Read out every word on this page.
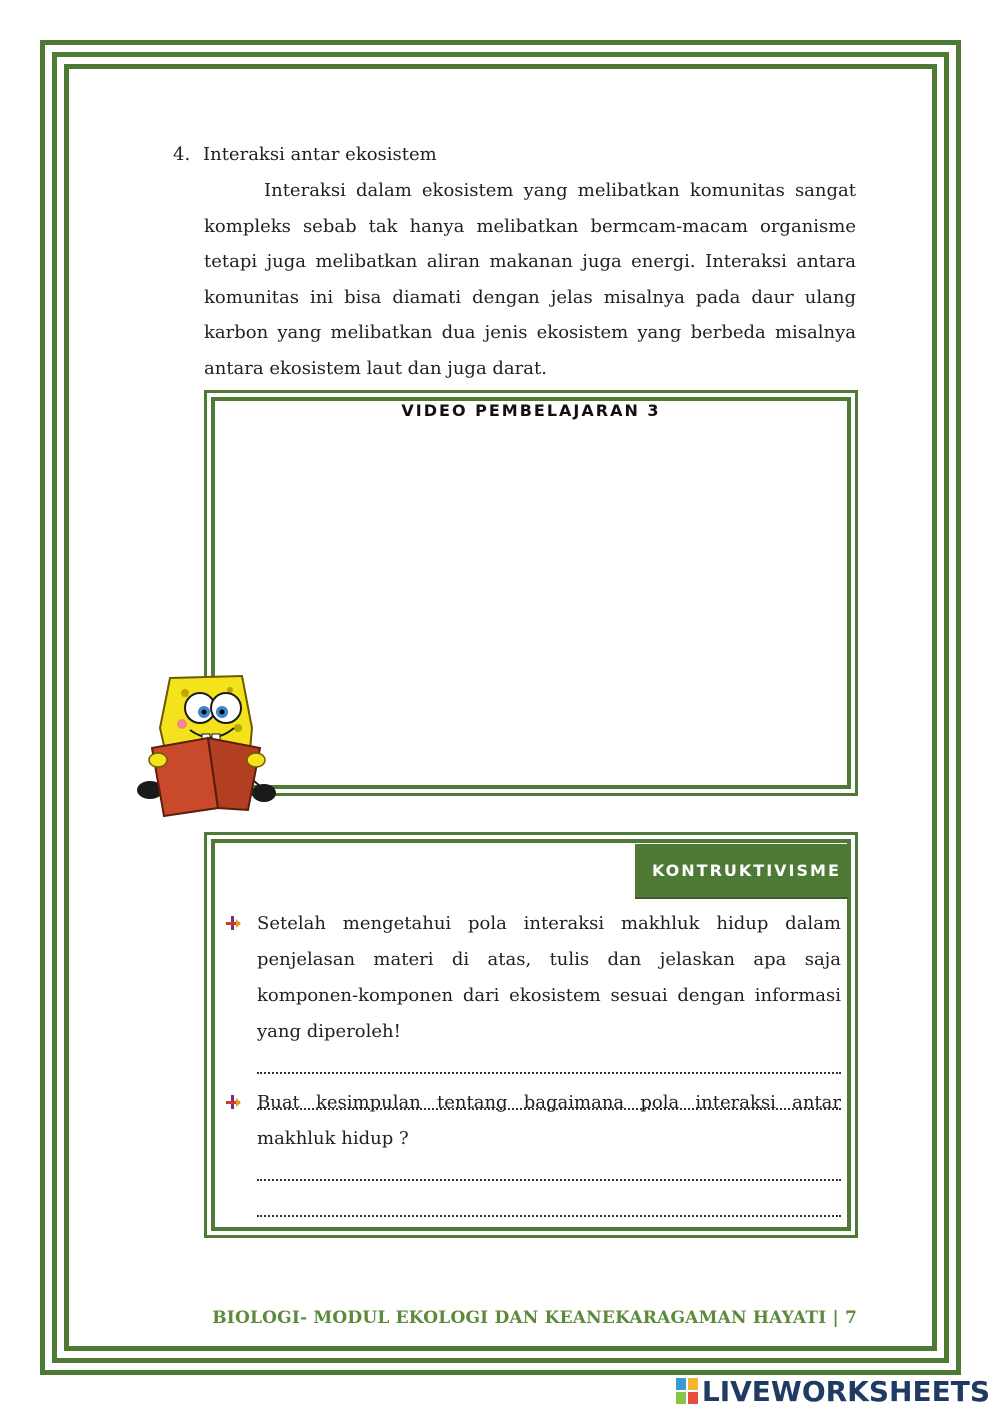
4. Interaksi antar ekosistem

Interaksi dalam ekosistem yang melibatkan komunitas sangat kompleks sebab tak hanya melibatkan bermcam-macam organisme tetapi juga melibatkan aliran makanan juga energi. Interaksi antara komunitas ini bisa diamati dengan jelas misalnya pada daur ulang karbon yang melibatkan dua jenis ekosistem yang berbeda misalnya antara ekosistem laut dan juga darat.

VIDEO PEMBELAJARAN 3
KONTRUKTIVISME

Setelah mengetahui pola interaksi makhluk hidup dalam penjelasan materi di atas, tulis dan jelaskan apa saja komponen-komponen dari ekosistem sesuai dengan informasi yang diperoleh!

Buat kesimpulan tentang bagaimana pola interaksi antar makhluk hidup ?

BIOLOGI- MODUL EKOLOGI DAN KEANEKARAGAMAN HAYATI | 7
LIVEWORKSHEETS
